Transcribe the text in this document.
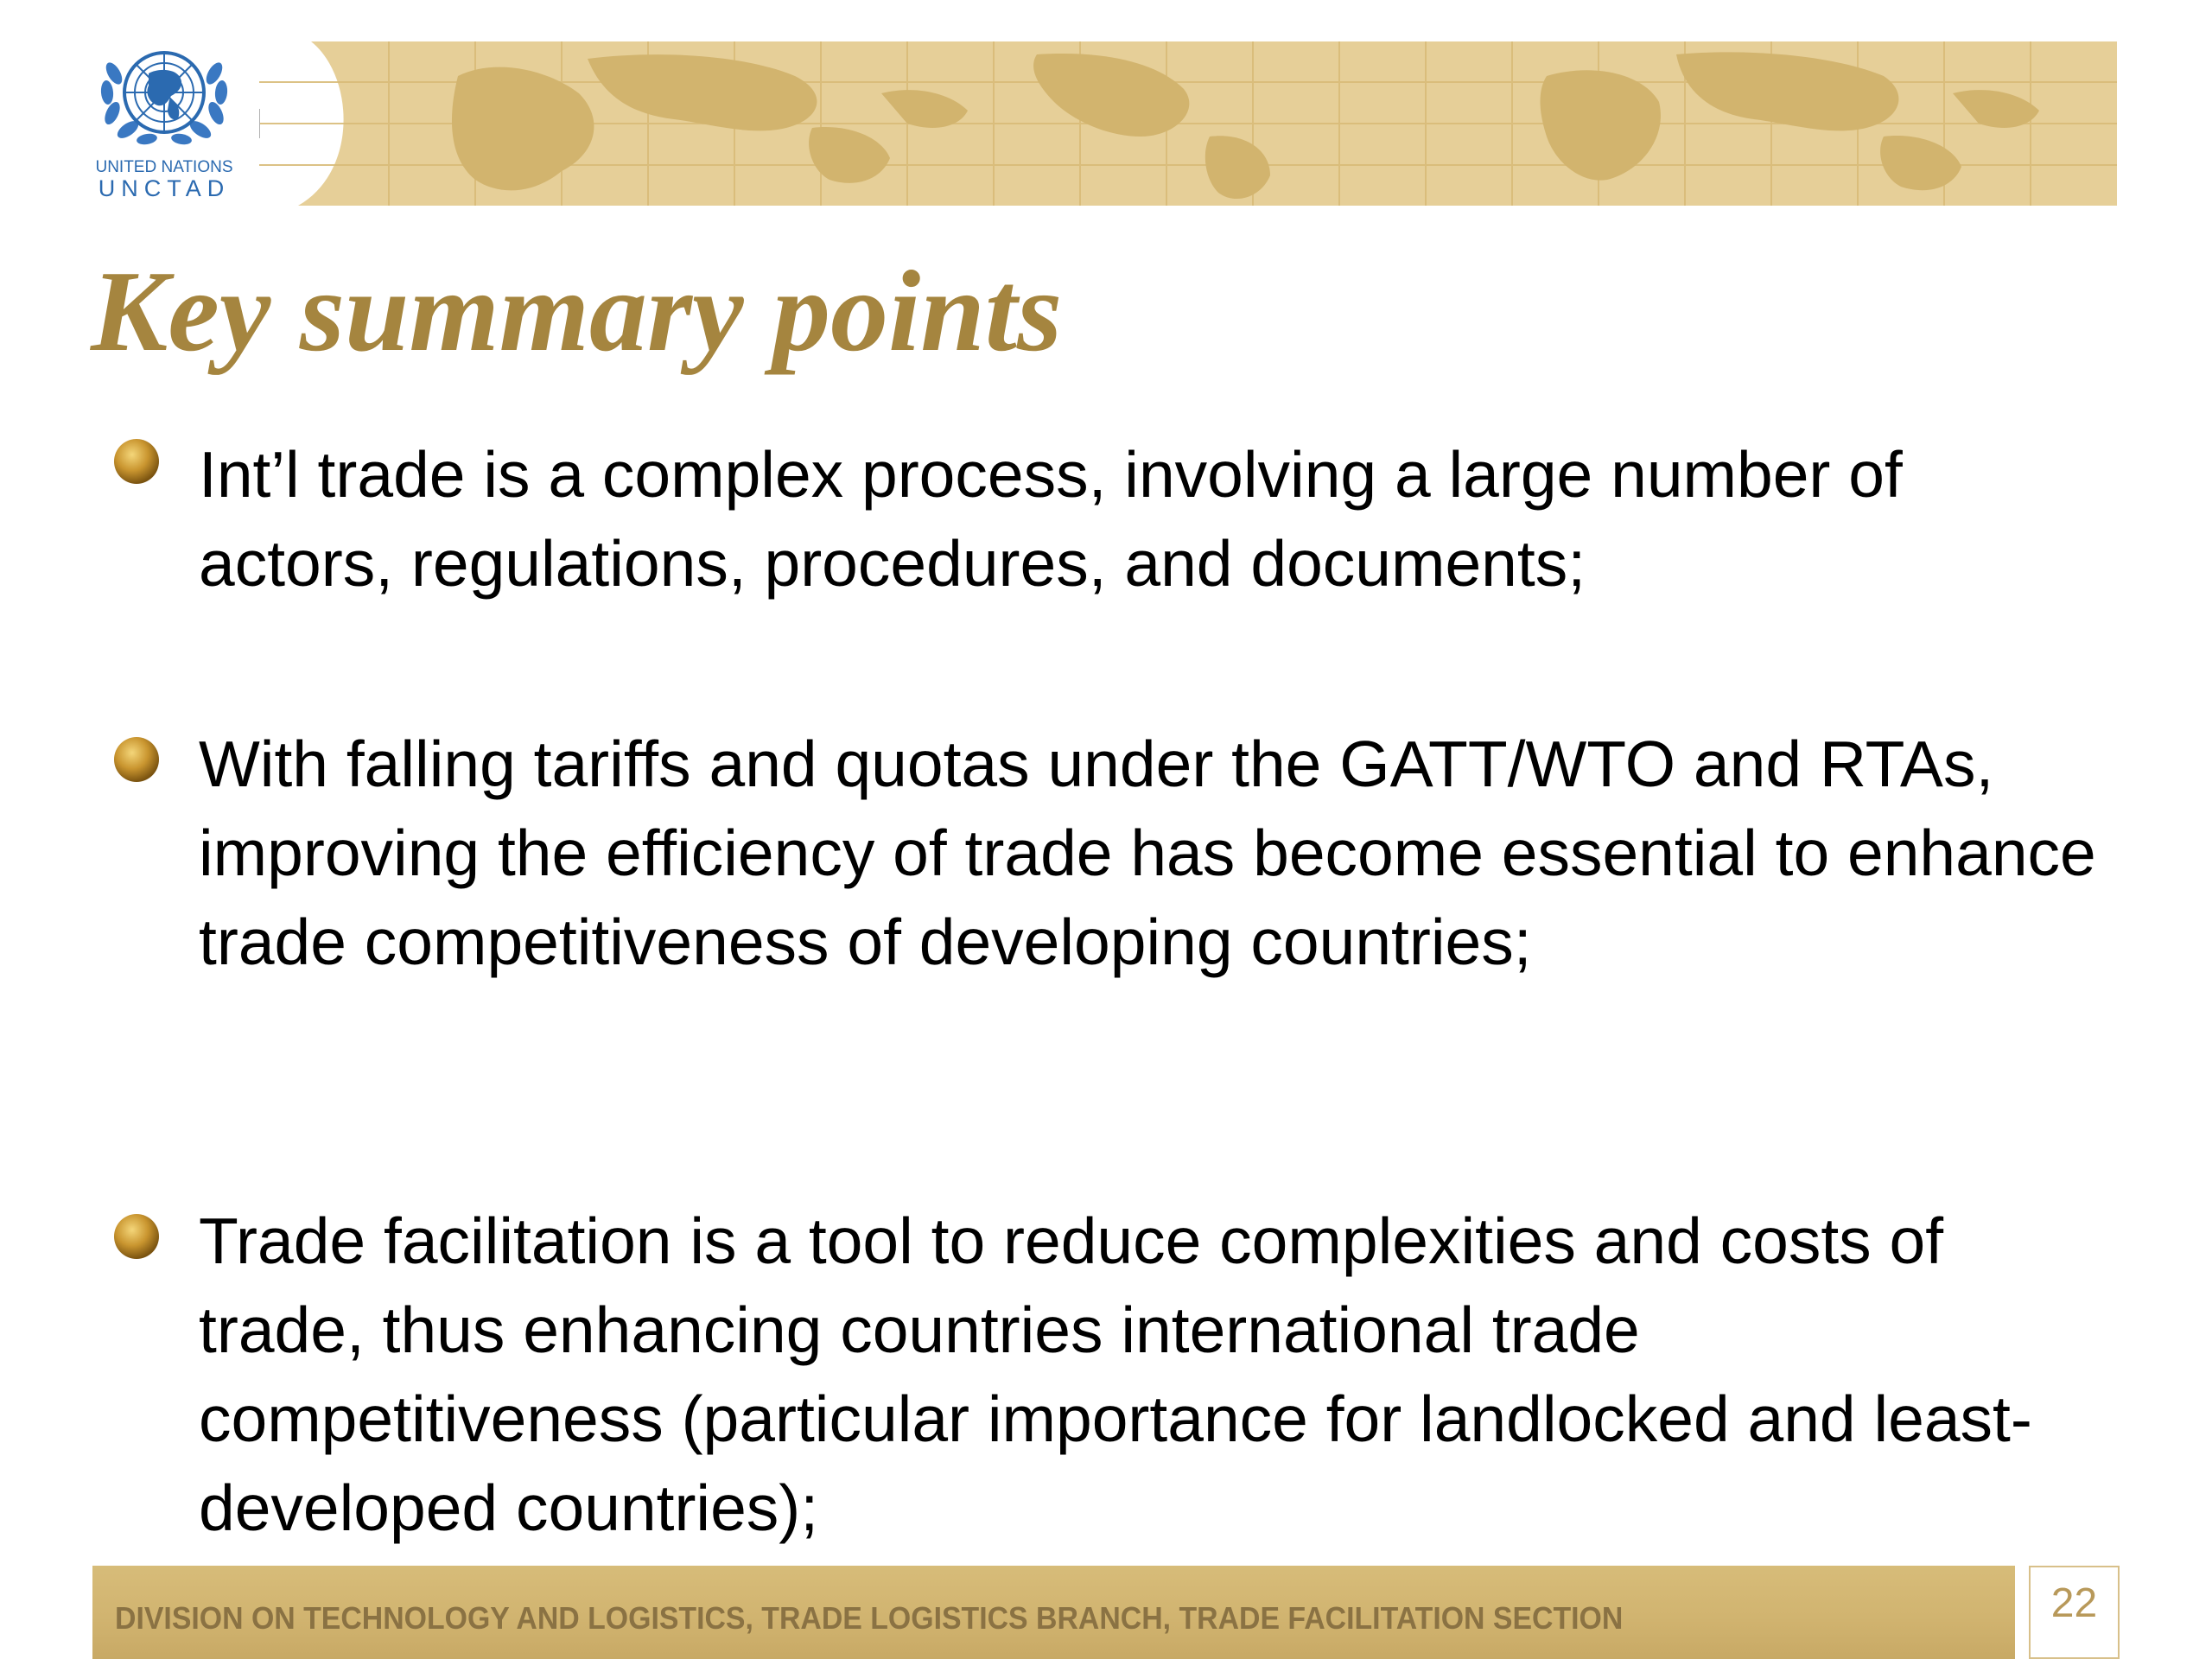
UNITED NATIONS
UNCTAD
Key summary points
Int’l trade is a complex process, involving a large number of actors, regulations, procedures, and documents;
With falling tariffs and quotas under the GATT/WTO and RTAs, improving the efficiency of trade has become essential to enhance trade competitiveness of developing countries;
Trade facilitation is a tool to reduce complexities and costs of trade, thus enhancing countries international trade competitiveness (particular importance for landlocked and least-developed countries);
DIVISION ON TECHNOLOGY AND LOGISTICS, TRADE LOGISTICS BRANCH, TRADE FACILITATION SECTION	22
